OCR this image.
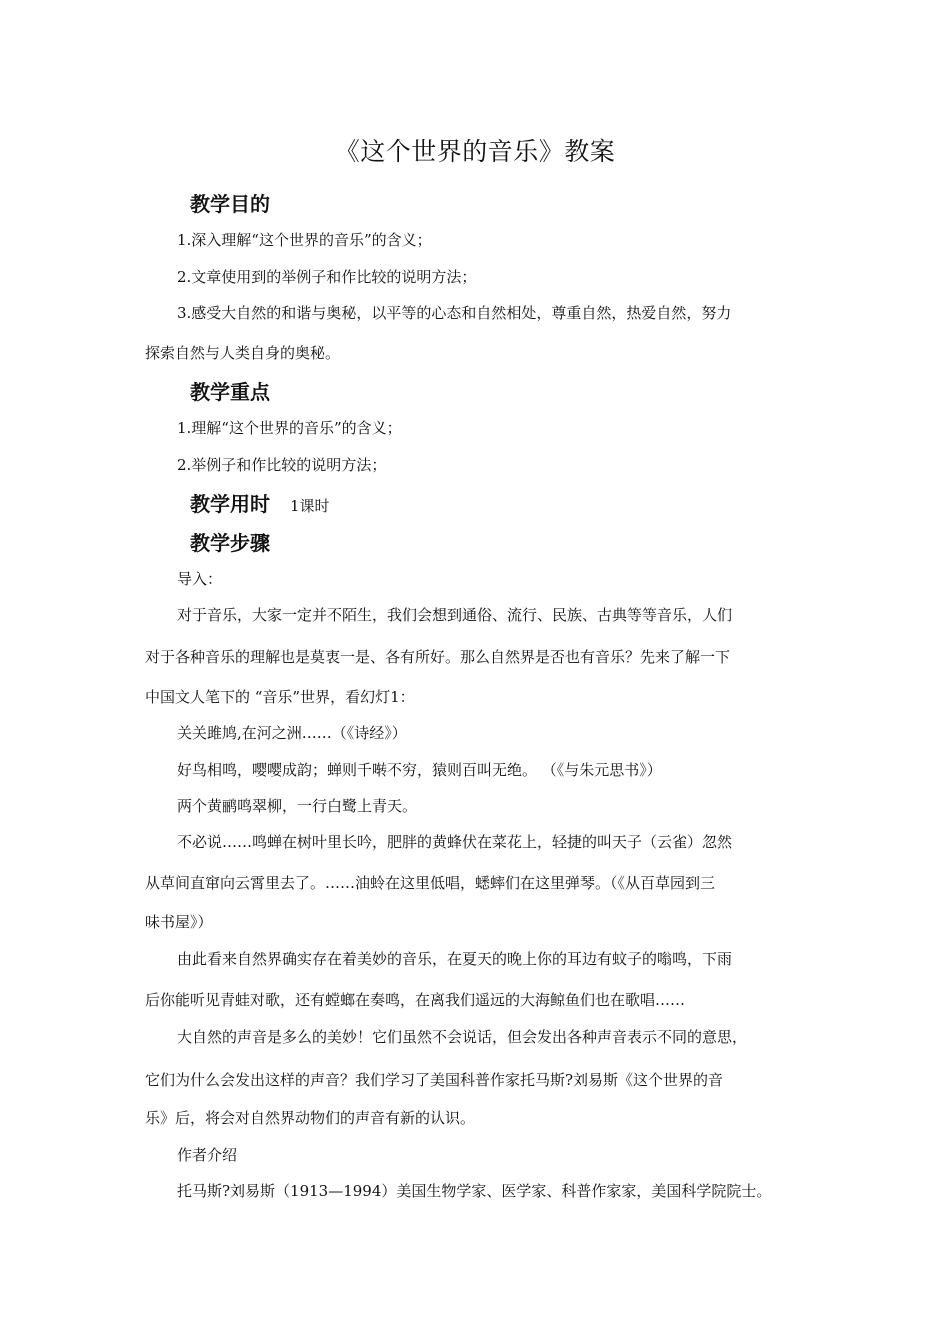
《这个世界的音乐》教案
教学目的
1.深入理解“这个世界的音乐”的含义；
2.文章使用到的举例子和作比较的说明方法；
3.感受大自然的和谐与奥秘，以平等的心态和自然相处，尊重自然，热爱自然，努力
探索自然与人类自身的奥秘。
教学重点
1.理解“这个世界的音乐”的含义；
2.举例子和作比较的说明方法；
教学用时 1课时
教学步骤
导入：
对于音乐，大家一定并不陌生，我们会想到通俗、流行、民族、古典等等音乐，人们
对于各种音乐的理解也是莫衷一是、各有所好。那么自然界是否也有音乐？先来了解一下
中国文人笔下的 “音乐”世界，看幻灯1：
关关雎鸠,在河之洲……（《诗经》）
好鸟相鸣，嘤嘤成韵；蝉则千啭不穷，猿则百叫无绝。 （《与朱元思书》）
两个黄鹂鸣翠柳，一行白鹭上青天。
不必说……鸣蝉在树叶里长吟，肥胖的黄蜂伏在菜花上，轻捷的叫天子（云雀）忽然
从草间直窜向云霄里去了。……油蛉在这里低唱，蟋蟀们在这里弹琴。（《从百草园到三
味书屋》）
由此看来自然界确实存在着美妙的音乐，在夏天的晚上你的耳边有蚊子的嗡鸣，下雨
后你能听见青蛙对歌，还有螳螂在奏鸣，在离我们遥远的大海鲸鱼们也在歌唱……
大自然的声音是多么的美妙！它们虽然不会说话，但会发出各种声音表示不同的意思，
它们为什么会发出这样的声音？我们学习了美国科普作家托马斯?刘易斯《这个世界的音
乐》后，将会对自然界动物们的声音有新的认识。
作者介绍
托马斯?刘易斯（1913—1994）美国生物学家、医学家、科普作家家，美国科学院院士。
